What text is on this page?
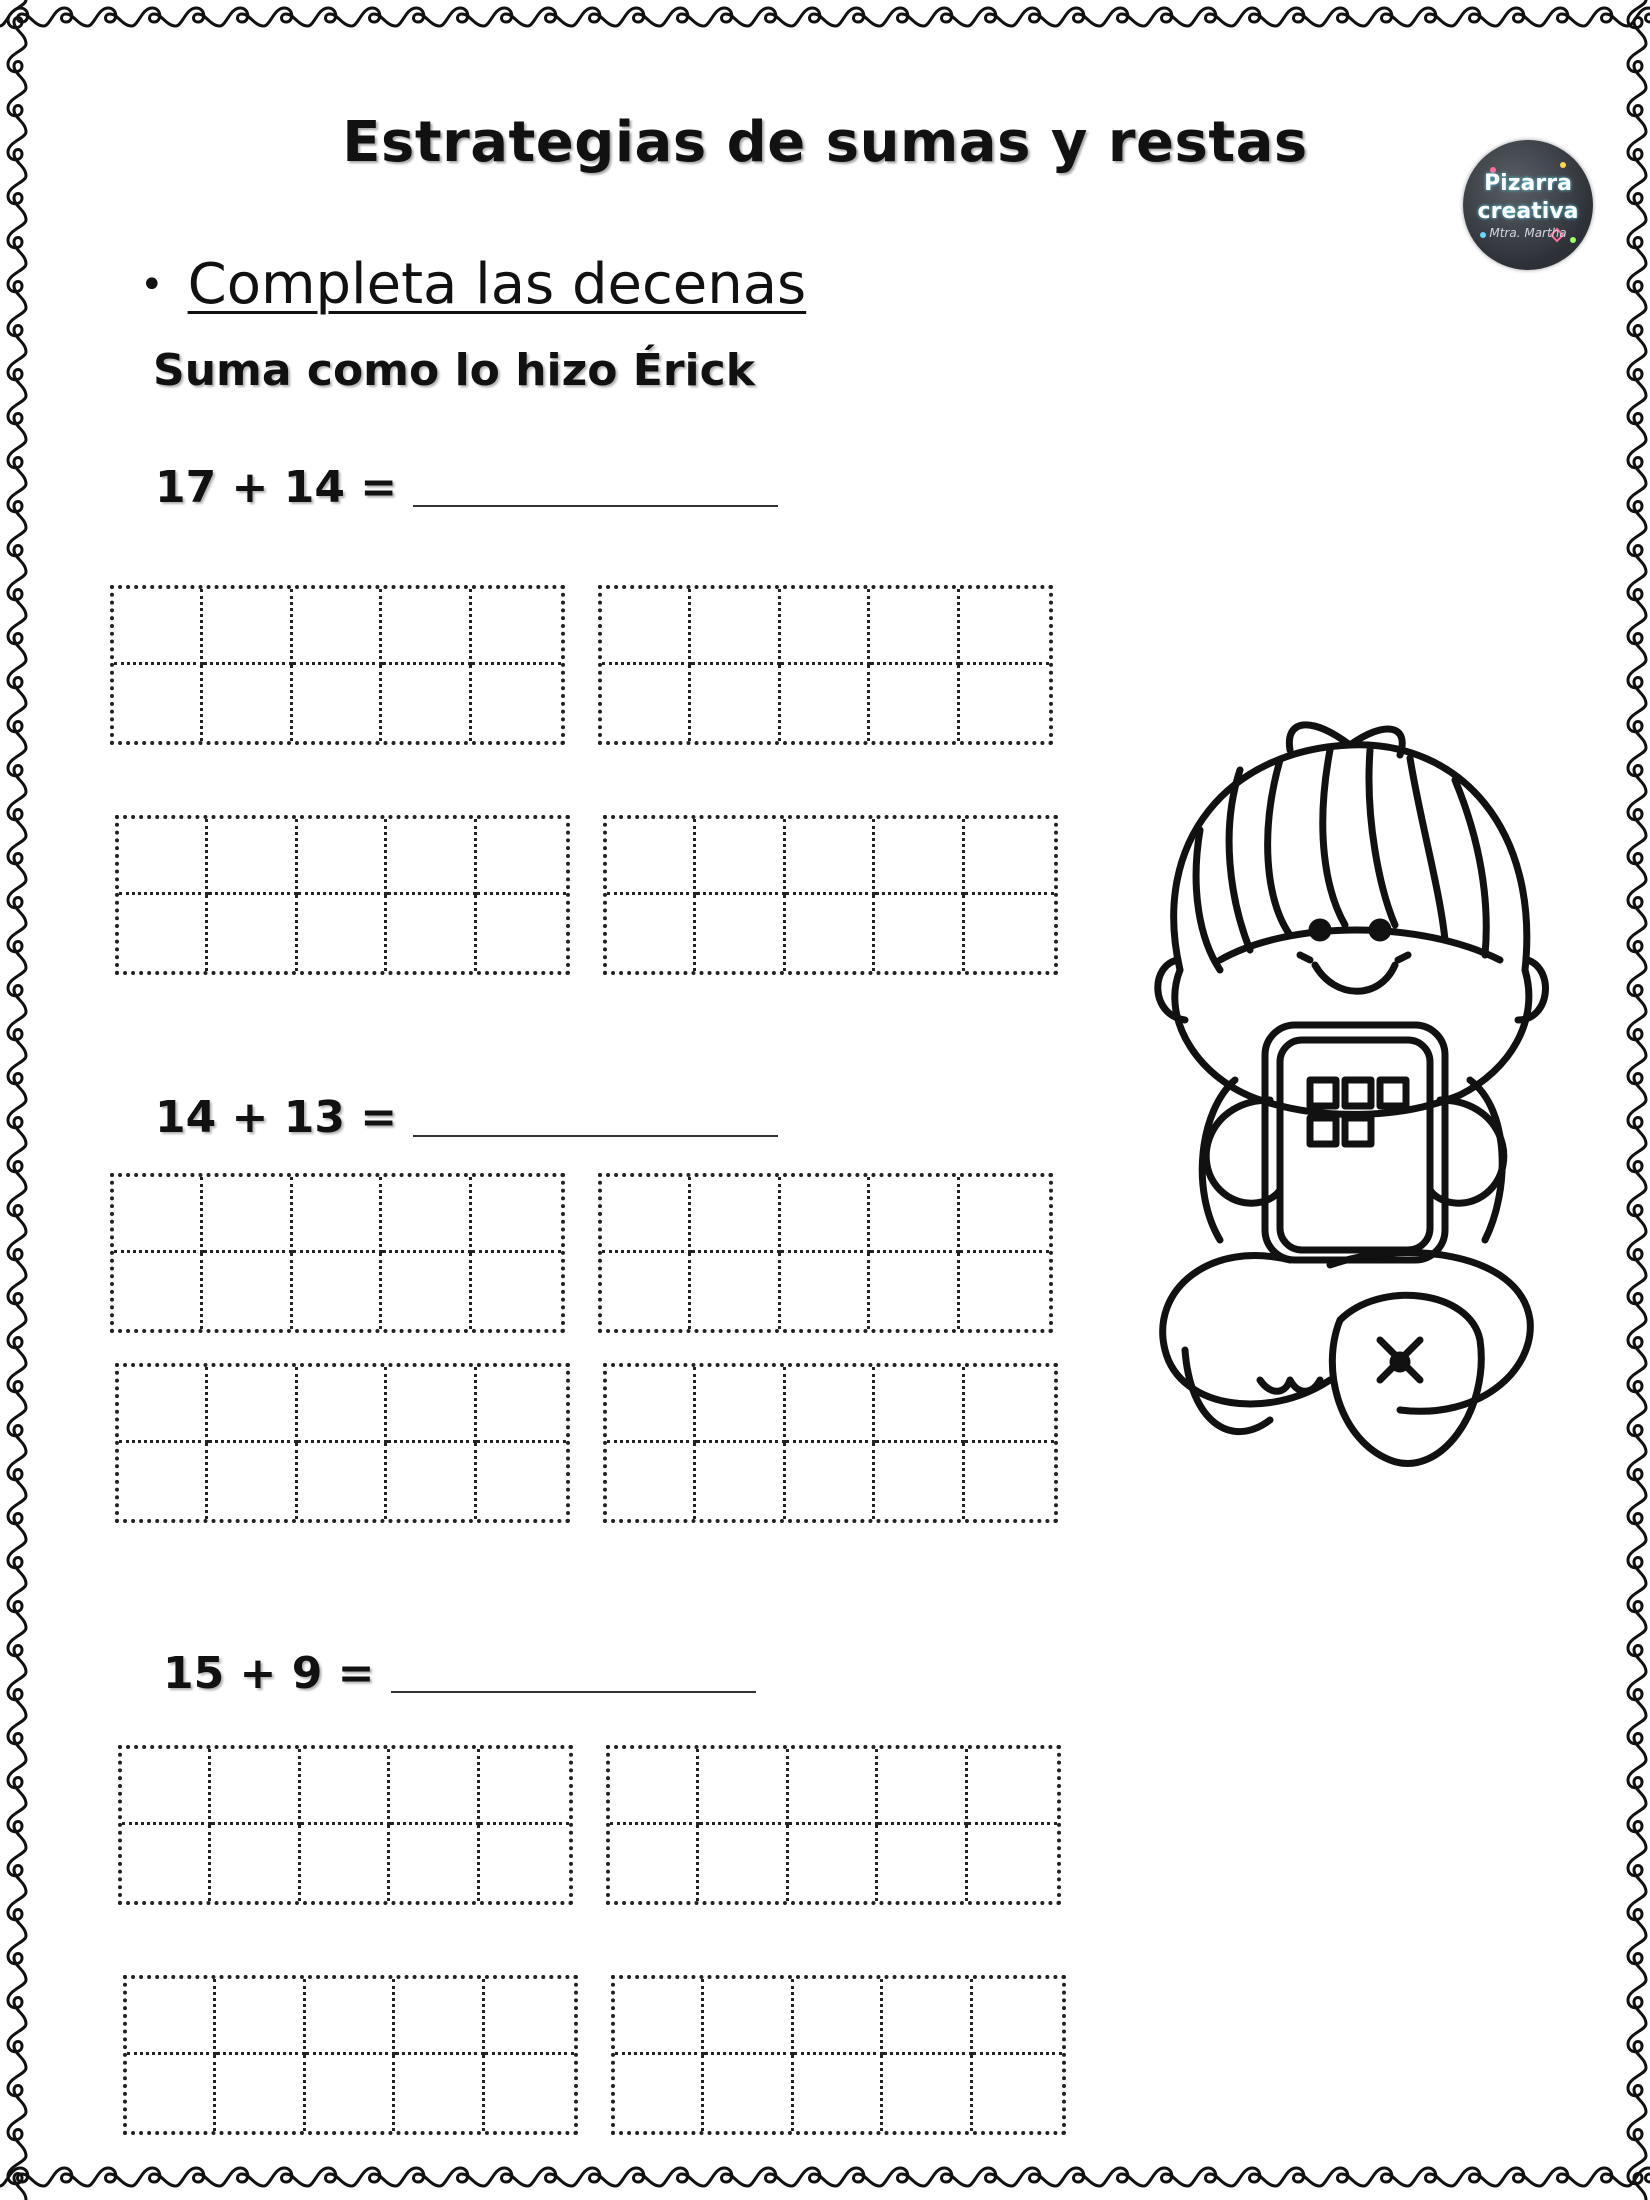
Estrategias de sumas y restas
Pizarra
creativa
Mtra. Martha
• Completa las decenas
Suma como lo hizo Érick
17 + 14 =
14 + 13 =
15 + 9 =
